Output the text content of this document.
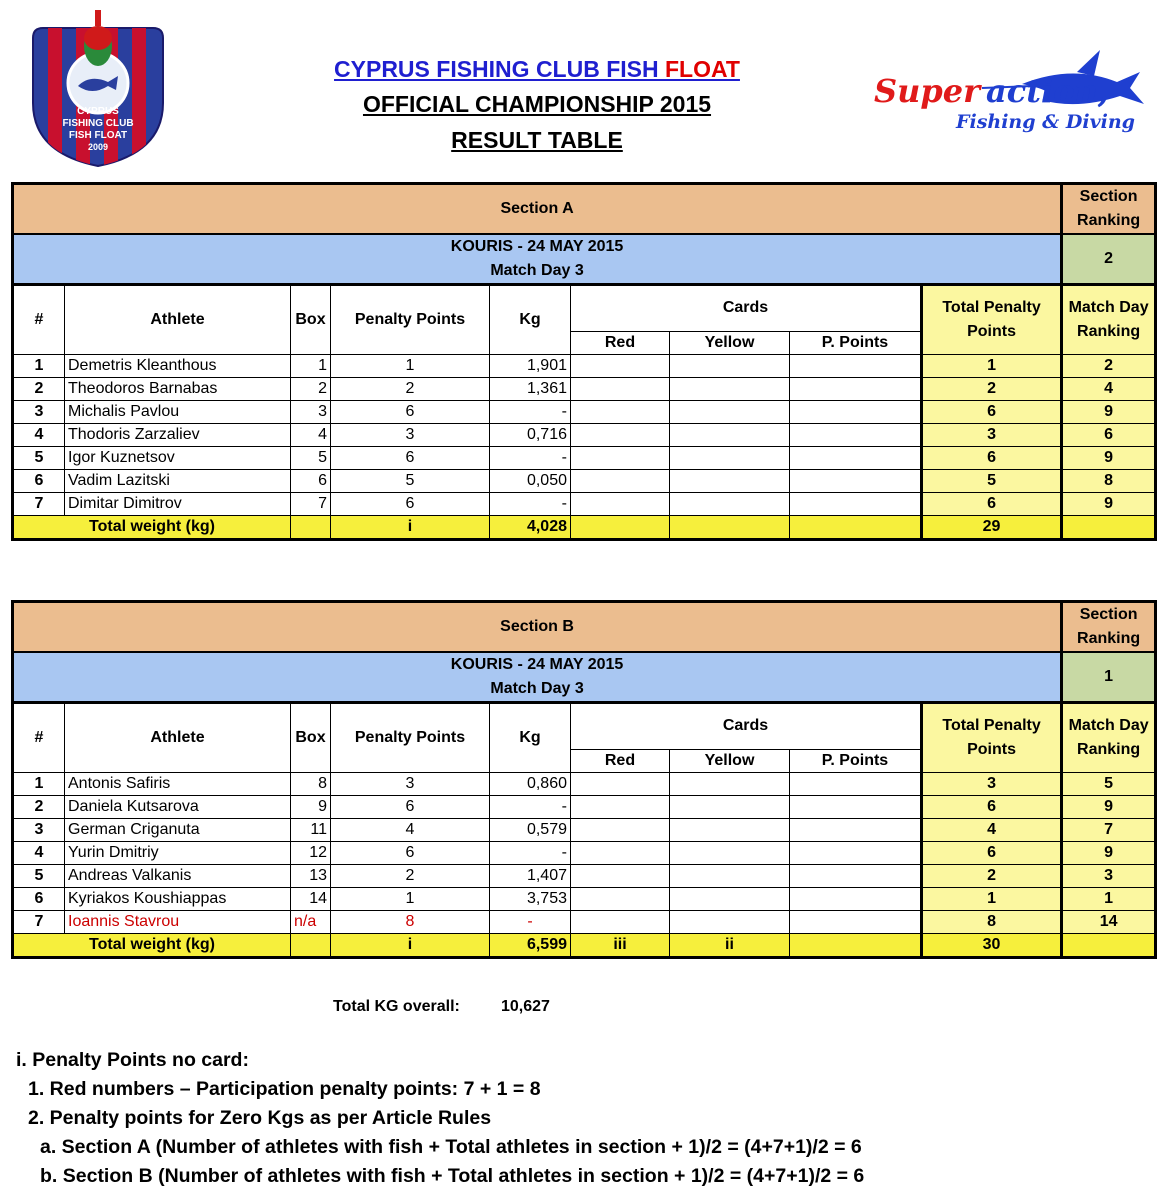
CYPRUS
FISHING CLUB
FISH FLOAT
2009
CYPRUS FISHING CLUB FISH FLOAT
OFFICIAL CHAMPIONSHIP 2015
RESULT TABLE
Super action,
Fishing & Diving
Section A									Section Ranking

KOURIS - 24 MAY 2015
Match Day 3									2
#	Athlete	Box	Penalty Points	Kg	Cards			Total Penalty Points	Match Day Ranking
					Red	Yellow	P. Points		
1	Demetris Kleanthous	1	1	1,901				1	2
2	Theodoros Barnabas	2	2	1,361				2	4
3	Michalis Pavlou	3	6	-				6	9
4	Thodoris Zarzaliev	4	3	0,716				3	6
5	Igor Kuznetsov	5	6	-				6	9
6	Vadim Lazitski	6	5	0,050				5	8
7	Dimitar Dimitrov	7	6	-				6	9
Total weight (kg)			i	4,028				29	
Section B									Section Ranking

KOURIS - 24 MAY 2015
Match Day 3									1
#	Athlete	Box	Penalty Points	Kg	Cards			Total Penalty Points	Match Day Ranking
					Red	Yellow	P. Points		
1	Antonis Safiris	8	3	0,860				3	5
2	Daniela Kutsarova	9	6	-				6	9
3	German Criganuta	11	4	0,579				4	7
4	Yurin Dmitriy	12	6	-				6	9
5	Andreas Valkanis	13	2	1,407				2	3
6	Kyriakos Koushiappas	14	1	3,753				1	1
7	Ioannis Stavrou	n/a	8	-				8	14
Total weight (kg)			i	6,599	iii	ii		30	
Total KG overall:	10,627
i. Penalty Points no card:
1. Red numbers – Participation penalty points: 7 + 1 = 8
2. Penalty points for Zero Kgs as per Article Rules
a. Section A (Number of athletes with fish + Total athletes in section + 1)/2 = (4+7+1)/2 = 6
b. Section B (Number of athletes with fish + Total athletes in section + 1)/2 = (4+7+1)/2 = 6
